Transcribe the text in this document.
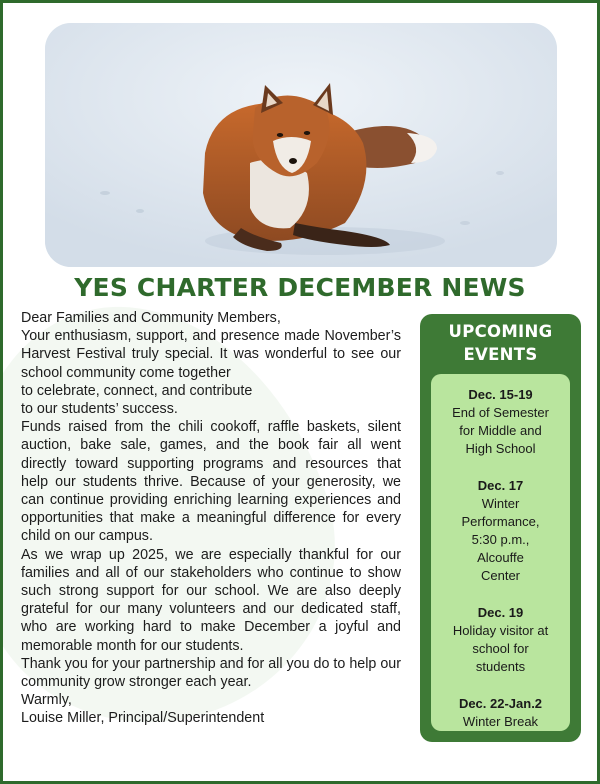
YES CHARTER DECEMBER NEWS

Dear Families and Community Members,

Your enthusiasm, support, and presence made November’s Harvest Festival truly special. It was wonderful to see our school community come together

to celebrate, connect, and contribute

to our students’ success.

Funds raised from the chili cookoff, raffle baskets, silent auction, bake sale, games, and the book fair all went directly toward supporting programs and resources that help our students thrive. Because of your generosity, we can continue providing enriching learning experiences and opportunities that make a meaningful difference for every child on our campus.

As we wrap up 2025, we are especially thankful for our families and all of our stakeholders who continue to show such strong support for our school. We are also deeply grateful for our many volunteers and our dedicated staff, who are working hard to make December a joyful and memorable month for our students.

Thank you for your partnership and for all you do to help our community grow stronger each year.

Warmly,

Louise Miller, Principal/Superintendent

UPCOMING EVENTS
Dec. 15-19
End of Semester
for Middle and
High School
Dec. 17
Winter
Performance,
5:30 p.m.,
Alcouffe
Center
Dec. 19
Holiday visitor at
school for
students
Dec. 22-Jan.2
Winter Break
